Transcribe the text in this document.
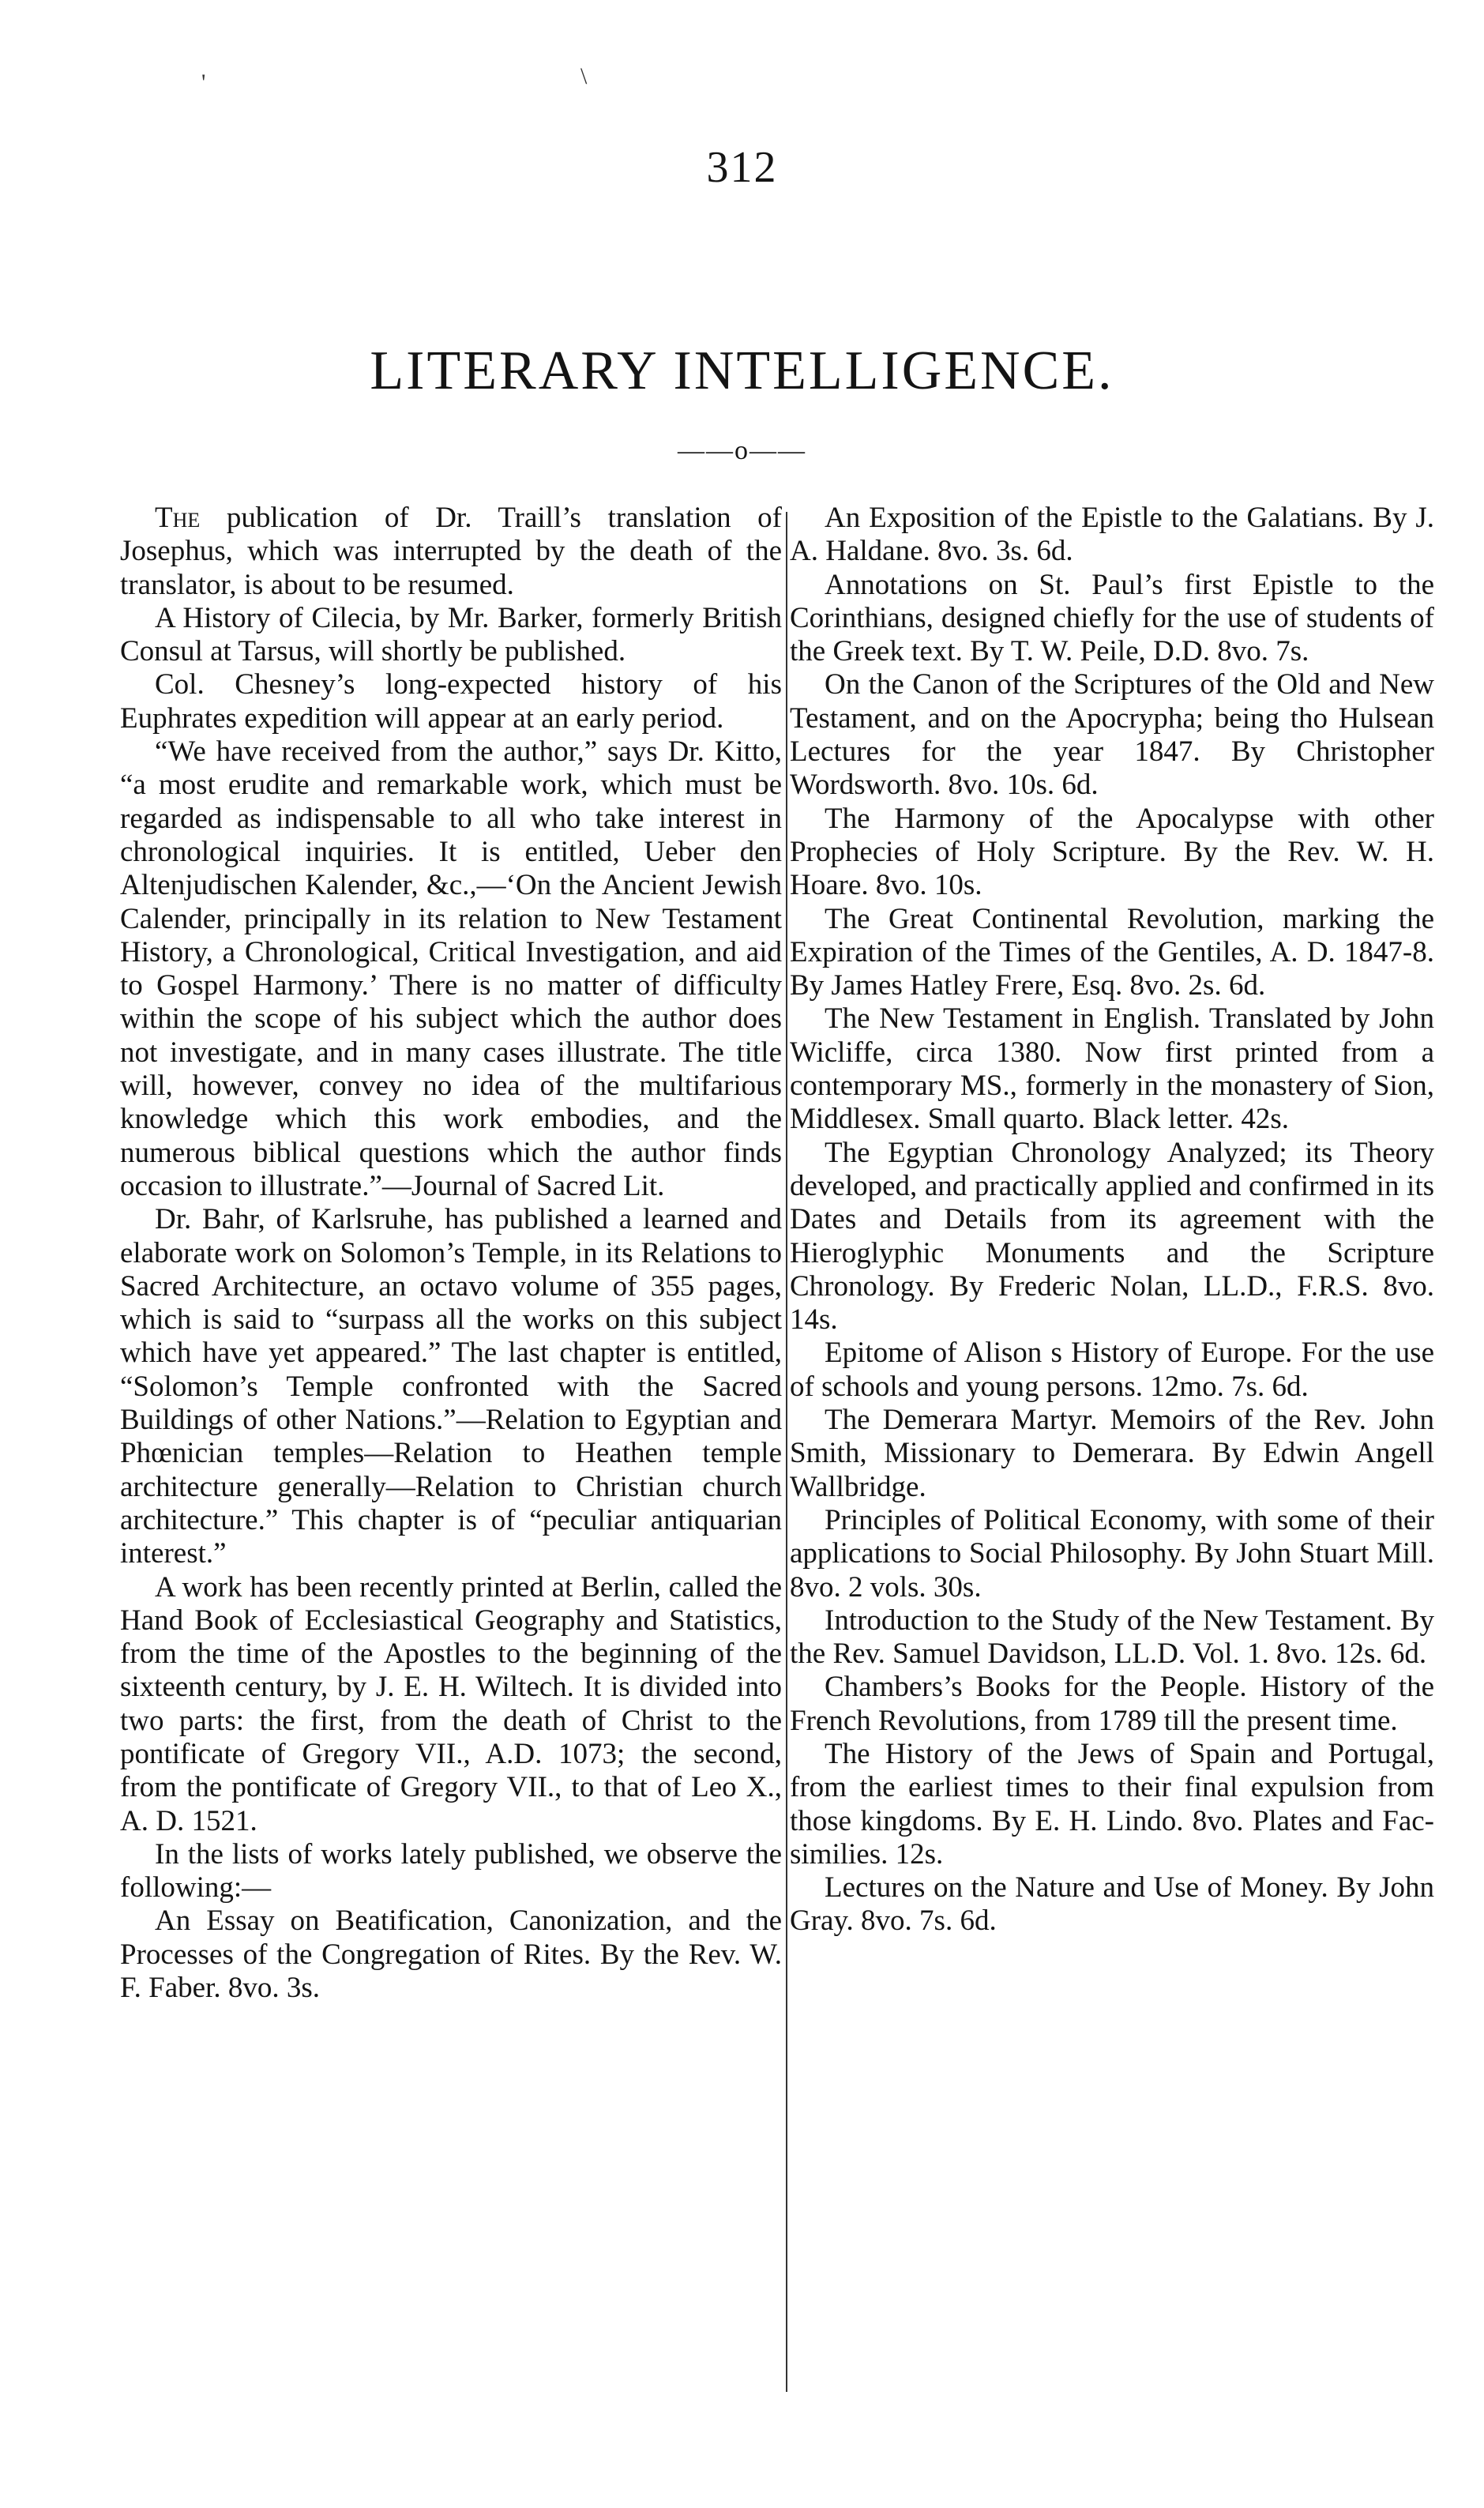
'	\
312
LITERARY INTELLIGENCE.
——o——

The publication of Dr. Traill’s translation of Josephus, which was interrupted by the death of the translator, is about to be resumed.

A History of Cilecia, by Mr. Barker, formerly British Consul at Tarsus, will shortly be published.

Col. Chesney’s long-expected history of his Euphrates expedition will appear at an early period.

“We have received from the author,” says Dr. Kitto, “a most erudite and remarkable work, which must be regarded as indispensable to all who take interest in chronological inquiries. It is entitled, Ueber den Altenjudischen Kalender, &c.,—‘On the Ancient Jewish Calender, principally in its relation to New Testament History, a Chronological, Critical Investigation, and aid to Gospel Harmony.’ There is no matter of difficulty within the scope of his subject which the author does not investigate, and in many cases illustrate. The title will, however, convey no idea of the multifarious knowledge which this work embodies, and the numerous biblical questions which the author finds occasion to illustrate.”—Journal of Sacred Lit.

Dr. Bahr, of Karlsruhe, has published a learned and elaborate work on Solomon’s Temple, in its Relations to Sacred Architecture, an octavo volume of 355 pages, which is said to “surpass all the works on this subject which have yet appeared.” The last chapter is entitled, “Solomon’s Temple confronted with the Sacred Buildings of other Nations.”—Relation to Egyptian and Phœnician temples—Relation to Heathen temple architecture generally—Relation to Christian church architecture.” This chapter is of “peculiar antiquarian interest.”

A work has been recently printed at Berlin, called the Hand Book of Ecclesiastical Geography and Statistics, from the time of the Apostles to the beginning of the sixteenth century, by J. E. H. Wiltech. It is divided into two parts: the first, from the death of Christ to the pontificate of Gregory VII., A.D. 1073; the second, from the pontificate of Gregory VII., to that of Leo X., A. D. 1521.

In the lists of works lately published, we observe the following:—

An Essay on Beatification, Canonization, and the Processes of the Congregation of Rites. By the Rev. W. F. Faber. 8vo. 3s.

An Exposition of the Epistle to the Galatians. By J. A. Haldane. 8vo. 3s. 6d.

Annotations on St. Paul’s first Epistle to the Corinthians, designed chiefly for the use of students of the Greek text. By T. W. Peile, D.D. 8vo. 7s.

On the Canon of the Scriptures of the Old and New Testament, and on the Apocrypha; being tho Hulsean Lectures for the year 1847. By Christopher Wordsworth. 8vo. 10s. 6d.

The Harmony of the Apocalypse with other Prophecies of Holy Scripture. By the Rev. W. H. Hoare. 8vo. 10s.

The Great Continental Revolution, marking the Expiration of the Times of the Gentiles, A. D. 1847-8. By James Hatley Frere, Esq. 8vo. 2s. 6d.

The New Testament in English. Translated by John Wicliffe, circa 1380. Now first printed from a contemporary MS., formerly in the monastery of Sion, Middlesex. Small quarto. Black letter. 42s.

The Egyptian Chronology Analyzed; its Theory developed, and practically applied and confirmed in its Dates and Details from its agreement with the Hieroglyphic Monuments and the Scripture Chronology. By Frederic Nolan, LL.D., F.R.S. 8vo. 14s.

Epitome of Alison s History of Europe. For the use of schools and young persons. 12mo. 7s. 6d.

The Demerara Martyr. Memoirs of the Rev. John Smith, Missionary to Demerara. By Edwin Angell Wallbridge.

Principles of Political Economy, with some of their applications to Social Philosophy. By John Stuart Mill. 8vo. 2 vols. 30s.

Introduction to the Study of the New Testament. By the Rev. Samuel Davidson, LL.D. Vol. 1. 8vo. 12s. 6d.

Chambers’s Books for the People. History of the French Revolutions, from 1789 till the present time.

The History of the Jews of Spain and Portugal, from the earliest times to their final expulsion from those kingdoms. By E. H. Lindo. 8vo. Plates and Fac-similies. 12s.

Lectures on the Nature and Use of Money. By John Gray. 8vo. 7s. 6d.
